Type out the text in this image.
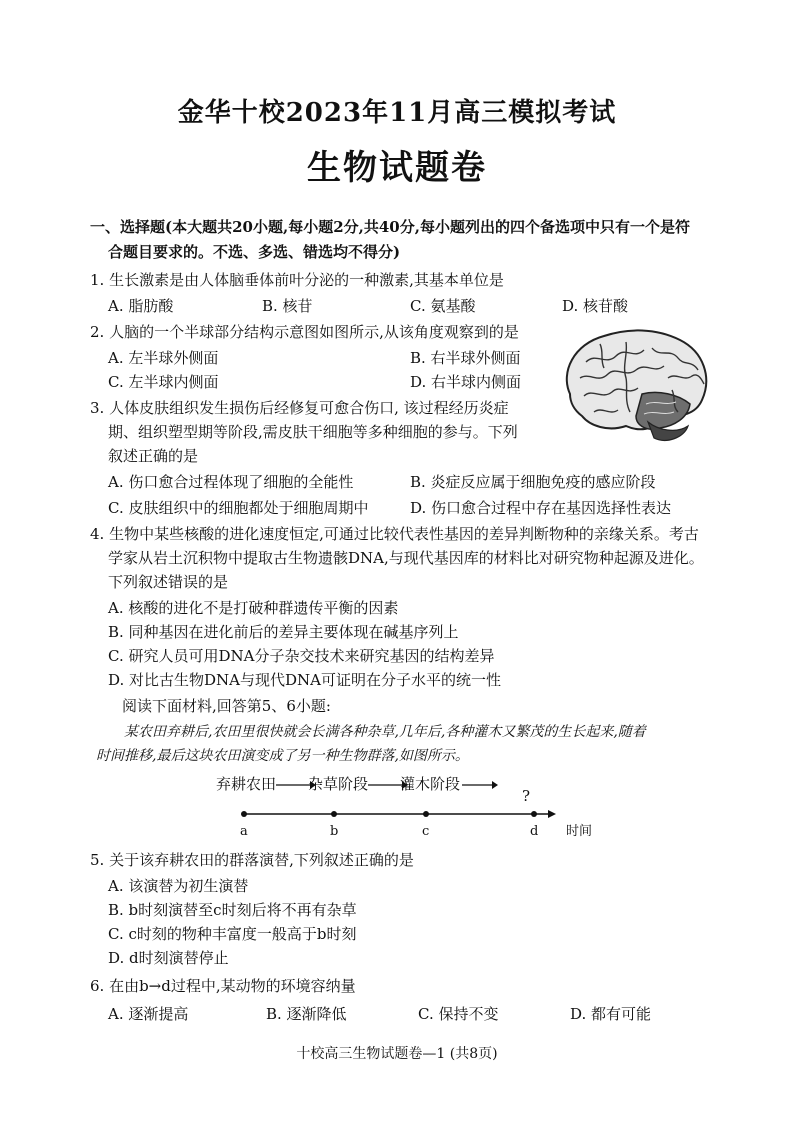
金华十校2023年11月高三模拟考试
生物试题卷
一、选择题(本大题共20小题,每小题2分,共40分,每小题列出的四个备选项中只有一个是符
合题目要求的。不选、多选、错选均不得分)
1. 生长激素是由人体脑垂体前叶分泌的一种激素,其基本单位是
A. 脂肪酸	B. 核苷	C. 氨基酸	D. 核苷酸
2. 人脑的一个半球部分结构示意图如图所示,从该角度观察到的是
A. 左半球外侧面	B. 右半球外侧面
C. 左半球内侧面	D. 右半球内侧面
3. 人体皮肤组织发生损伤后经修复可愈合伤口, 该过程经历炎症
期、组织塑型期等阶段,需皮肤干细胞等多种细胞的参与。下列
叙述正确的是
A. 伤口愈合过程体现了细胞的全能性	B. 炎症反应属于细胞免疫的感应阶段
C. 皮肤组织中的细胞都处于细胞周期中	D. 伤口愈合过程中存在基因选择性表达
4. 生物中某些核酸的进化速度恒定,可通过比较代表性基因的差异判断物种的亲缘关系。考古
学家从岩土沉积物中提取古生物遗骸DNA,与现代基因库的材料比对研究物种起源及进化。
下列叙述错误的是
A. 核酸的进化不是打破种群遗传平衡的因素
B. 同种基因在进化前后的差异主要体现在碱基序列上
C. 研究人员可用DNA分子杂交技术来研究基因的结构差异
D. 对比古生物DNA与现代DNA可证明在分子水平的统一性
阅读下面材料,回答第5、6小题:
某农田弃耕后,农田里很快就会长满各种杂草,几年后,各种灌木又繁茂的生长起来,随着
时间推移,最后这块农田演变成了另一种生物群落,如图所示。
弃耕农田 杂草阶段 灌木阶段
?
a	b	c	d 时间
5. 关于该弃耕农田的群落演替,下列叙述正确的是
A. 该演替为初生演替
B. b时刻演替至c时刻后将不再有杂草
C. c时刻的物种丰富度一般高于b时刻
D. d时刻演替停止
6. 在由b→d过程中,某动物的环境容纳量
A. 逐渐提高	B. 逐渐降低	C. 保持不变	D. 都有可能
十校高三生物试题卷—1 (共8页)
